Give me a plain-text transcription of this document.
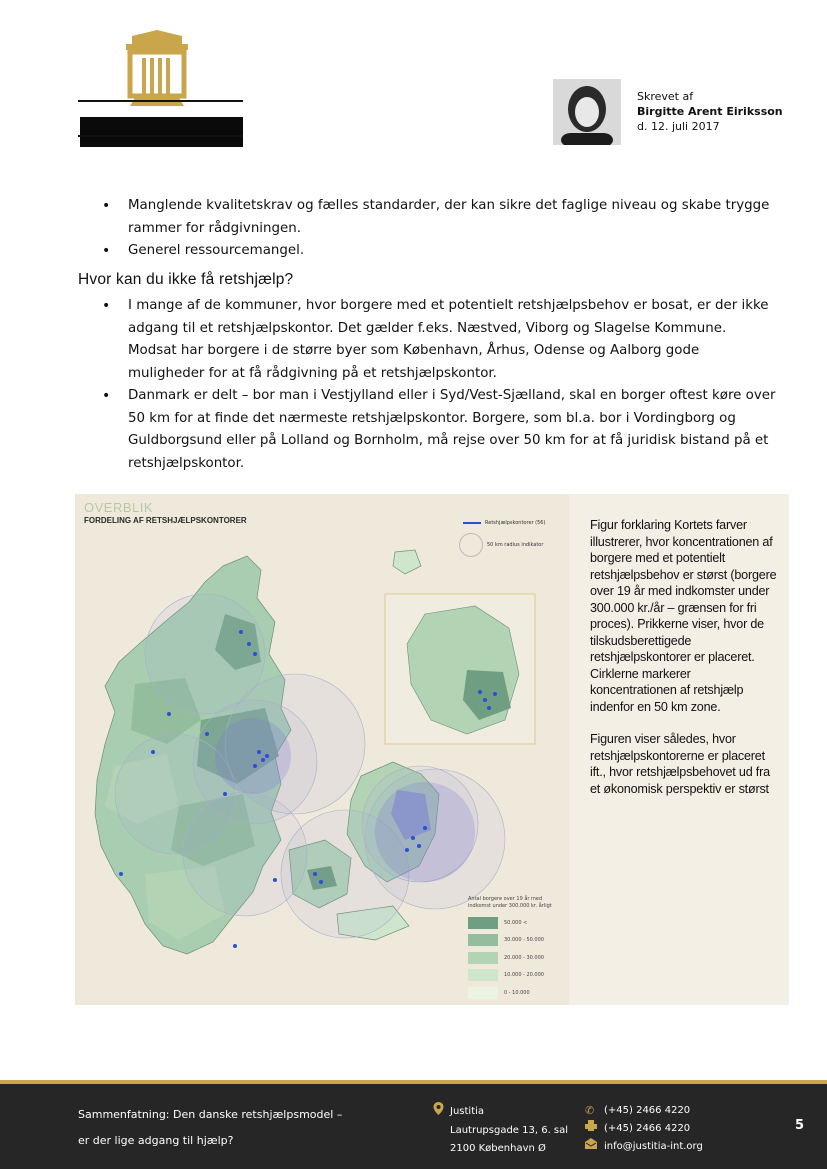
Skrevet af
Birgitte Arent Eiriksson
d. 12. juli 2017
• Manglende kvalitetskrav og fælles standarder, der kan sikre det faglige niveau og skabe trygge rammer for rådgivningen.
• Generel ressourcemangel.
Hvor kan du ikke få retshjælp?
• I mange af de kommuner, hvor borgere med et potentielt retshjælpsbehov er bosat, er der ikke adgang til et retshjælpskontor. Det gælder f.eks. Næstved, Viborg og Slagelse Kommune. Modsat har borgere i de større byer som København, Århus, Odense og Aalborg gode muligheder for at få rådgivning på et retshjælpskontor.
• Danmark er delt – bor man i Vestjylland eller i Syd/Vest-Sjælland, skal en borger oftest køre over 50 km for at finde det nærmeste retshjælpskontor. Borgere, som bl.a. bor i Vordingborg og Guldborgsund eller på Lolland og Bornholm, må rejse over 50 km for at få juridisk bistand på et retshjælpskontor.
OVERBLIK
FORDELING AF RETSHJÆLPSKONTORER	Retshjælpskontorer (56)
50 km radius indikator
Antal borgere over 19 år med indkomst under 300.000 kr. årligt
50.000 <
30.000 - 50.000
20.000 - 30.000
10.000 - 20.000
0 - 10.000

Figur forklaring Kortets farver illustrerer, hvor koncentrationen af borgere med et potentielt retshjælpsbehov er størst (borgere over 19 år med indkomster under 300.000 kr./år – grænsen for fri proces). Prikkerne viser, hvor de tilskudsberettigede retshjælpskontorer er placeret. Cirklerne markerer koncentrationen af retshjælp indenfor en 50 km zone.

Figuren viser således, hvor retshjælpskontorerne er placeret ift., hvor retshjælpsbehovet ud fra et økonomisk perspektiv er størst

Sammenfatning: Den danske retshjælpsmodel –
er der lige adgang til hjælp?
Justitia
Lautrupsgade 13, 6. sal
2100 København Ø
✆ (+45) 2466 4220
(+45) 2466 4220
info@justitia-int.org
5
